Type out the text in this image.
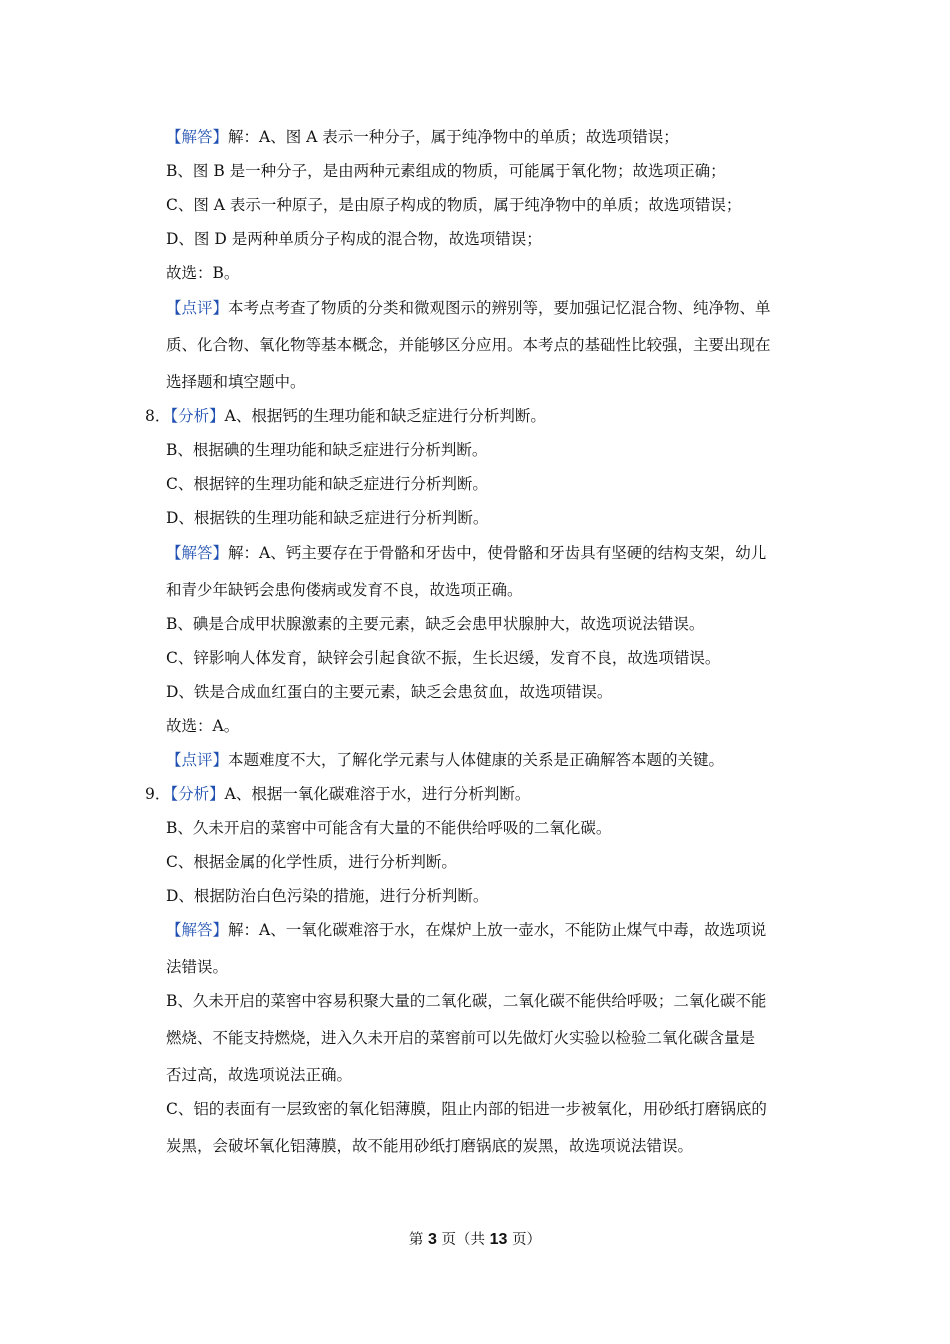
【解答】解：A、图 A 表示一种分子，属于纯净物中的单质；故选项错误；
B、图 B 是一种分子，是由两种元素组成的物质，可能属于氧化物；故选项正确；
C、图 A 表示一种原子，是由原子构成的物质，属于纯净物中的单质；故选项错误；
D、图 D 是两种单质分子构成的混合物，故选项错误；
故选：B。
【点评】本考点考查了物质的分类和微观图示的辨别等，要加强记忆混合物、纯净物、单
质、化合物、氧化物等基本概念，并能够区分应用。本考点的基础性比较强，主要出现在
选择题和填空题中。
8．【分析】A、根据钙的生理功能和缺乏症进行分析判断。
B、根据碘的生理功能和缺乏症进行分析判断。
C、根据锌的生理功能和缺乏症进行分析判断。
D、根据铁的生理功能和缺乏症进行分析判断。
【解答】解：A、钙主要存在于骨骼和牙齿中，使骨骼和牙齿具有坚硬的结构支架，幼儿
和青少年缺钙会患佝偻病或发育不良，故选项正确。
B、碘是合成甲状腺激素的主要元素，缺乏会患甲状腺肿大，故选项说法错误。
C、锌影响人体发育，缺锌会引起食欲不振，生长迟缓，发育不良，故选项错误。
D、铁是合成血红蛋白的主要元素，缺乏会患贫血，故选项错误。
故选：A。
【点评】本题难度不大，了解化学元素与人体健康的关系是正确解答本题的关键。
9．【分析】A、根据一氧化碳难溶于水，进行分析判断。
B、久未开启的菜窖中可能含有大量的不能供给呼吸的二氧化碳。
C、根据金属的化学性质，进行分析判断。
D、根据防治白色污染的措施，进行分析判断。
【解答】解：A、一氧化碳难溶于水，在煤炉上放一壶水，不能防止煤气中毒，故选项说
法错误。
B、久未开启的菜窖中容易积聚大量的二氧化碳，二氧化碳不能供给呼吸；二氧化碳不能
燃烧、不能支持燃烧，进入久未开启的菜窖前可以先做灯火实验以检验二氧化碳含量是
否过高，故选项说法正确。
C、铝的表面有一层致密的氧化铝薄膜，阻止内部的铝进一步被氧化，用砂纸打磨锅底的
炭黑，会破坏氧化铝薄膜，故不能用砂纸打磨锅底的炭黑，故选项说法错误。
第 3 页（共 13 页）
